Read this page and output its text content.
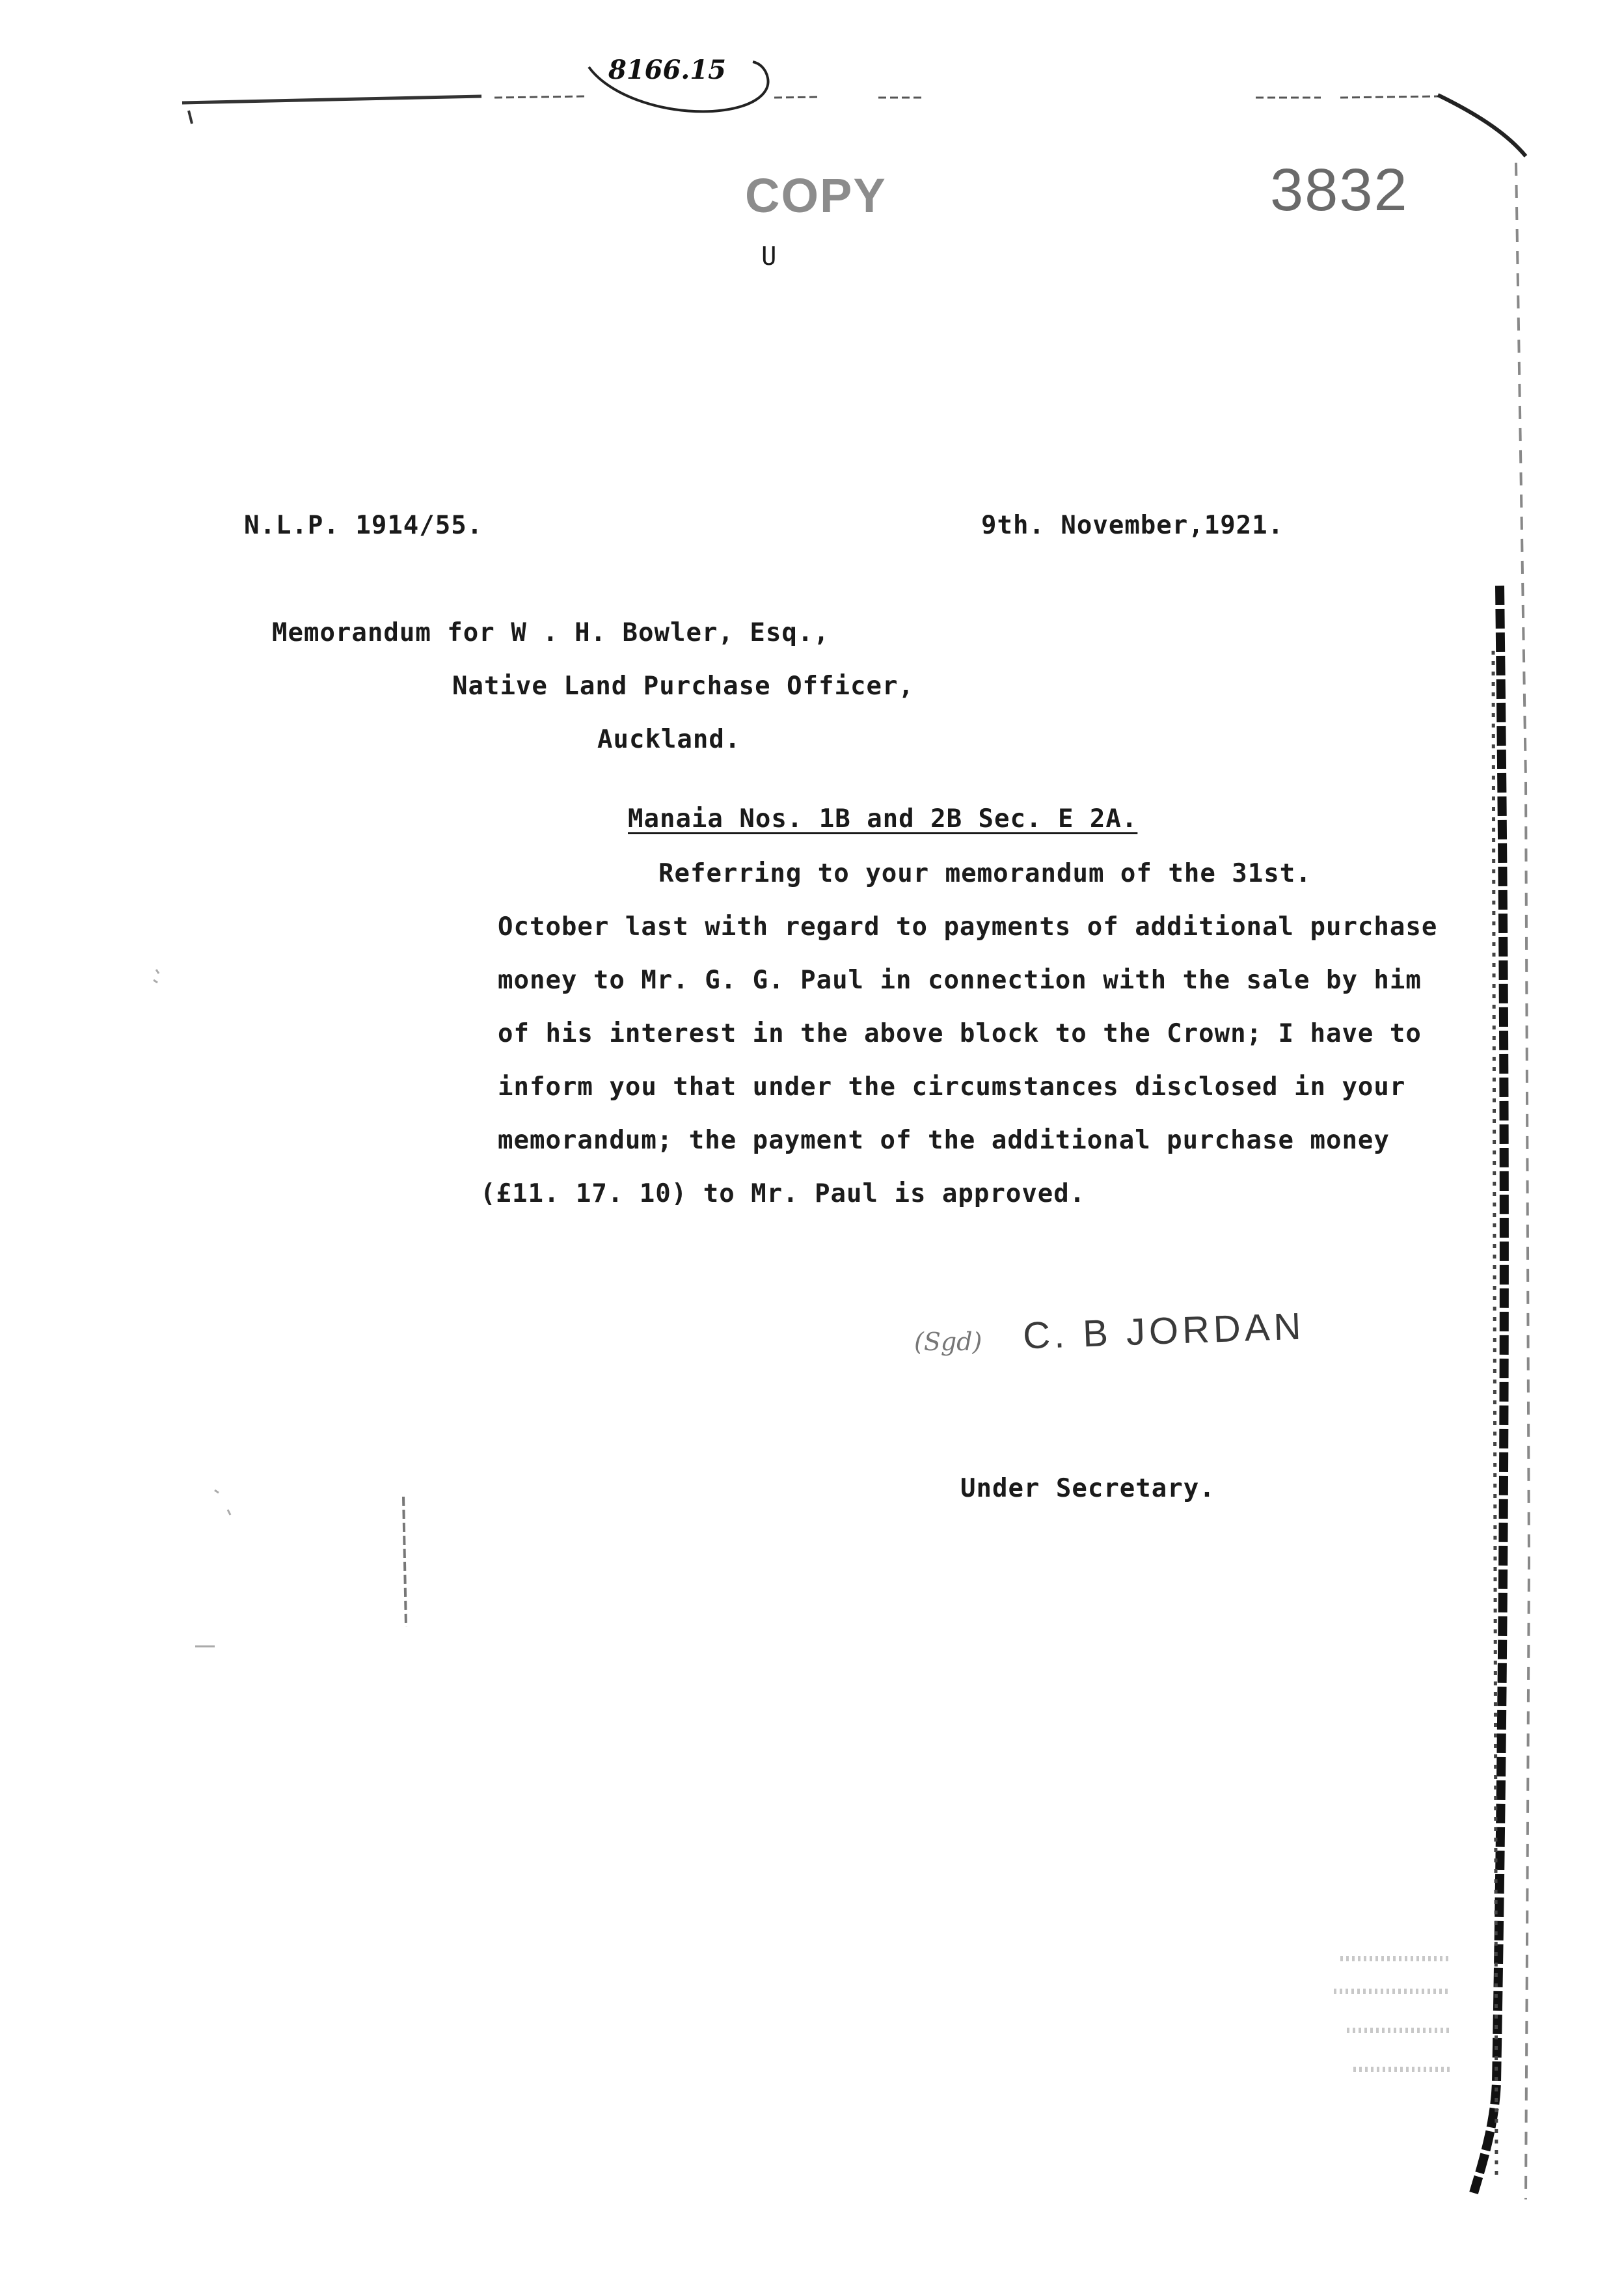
8166.15
COPY	3832
U
N.L.P. 1914/55.	9th. November,1921.
Memorandum for W . H. Bowler, Esq.,
Native Land Purchase Officer,
Auckland.
Manaia Nos. 1B and 2B Sec. E 2A.
Referring to your memorandum of the 31st.
October last with regard to payments of additional purchase
money to Mr. G. G. Paul in connection with the sale by him
of his interest in the above block to the Crown; I have to
inform you that under the circumstances disclosed in your
memorandum; the payment of the additional purchase money
(£11. 17. 10) to Mr. Paul is approved.
(Sgd) C. B JORDAN
Under Secretary.
